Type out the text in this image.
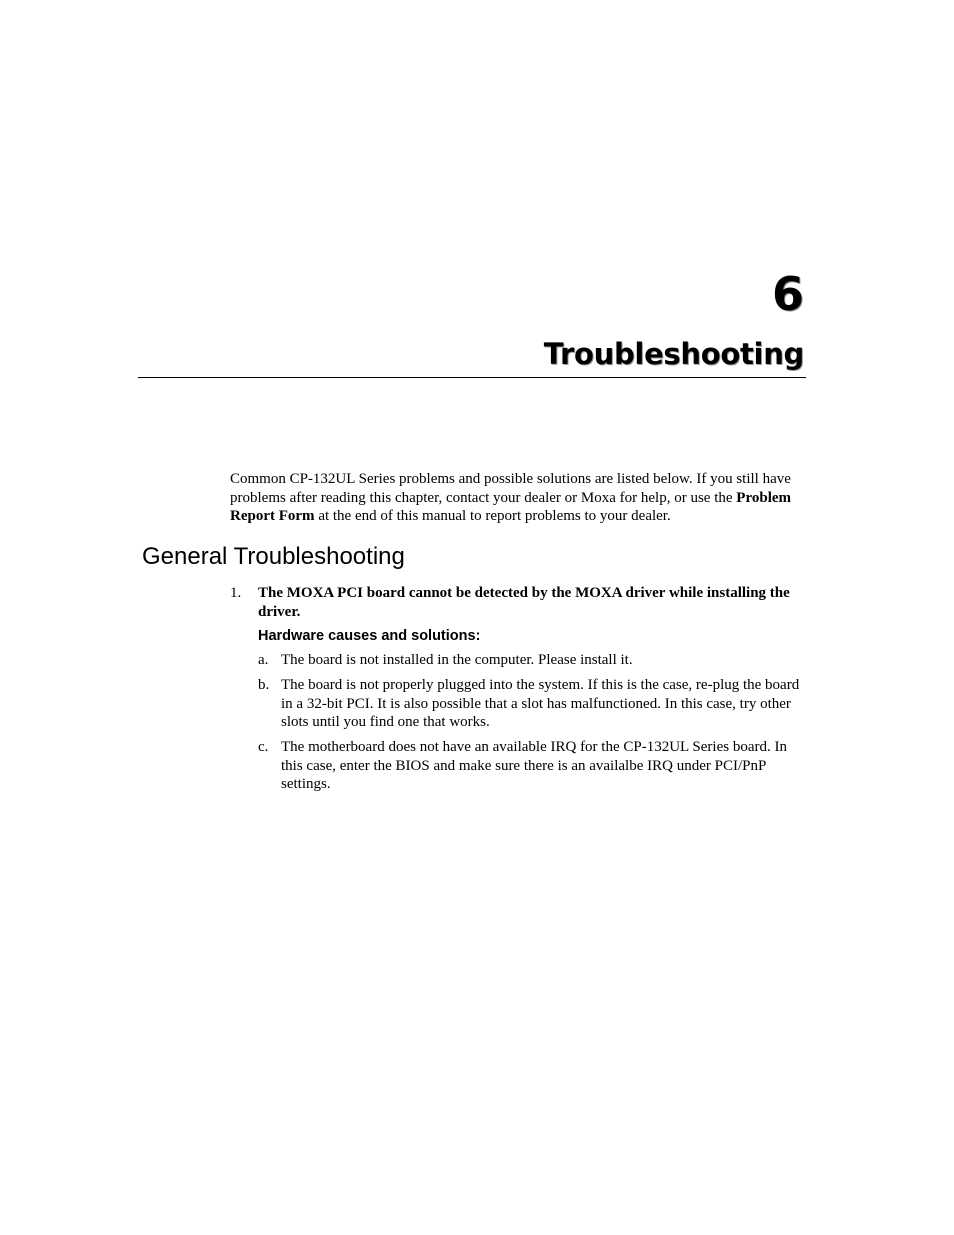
6
Troubleshooting

Common CP-132UL Series problems and possible solutions are listed below. If you still have problems after reading this chapter, contact your dealer or Moxa for help, or use the Problem Report Form at the end of this manual to report problems to your dealer.

General Troubleshooting
1. The MOXA PCI board cannot be detected by the MOXA driver while installing the driver.
Hardware causes and solutions:
a. The board is not installed in the computer. Please install it.
b. The board is not properly plugged into the system. If this is the case, re-plug the board in a 32-bit PCI. It is also possible that a slot has malfunctioned. In this case, try other slots until you find one that works.
c. The motherboard does not have an available IRQ for the CP-132UL Series board. In this case, enter the BIOS and make sure there is an availalbe IRQ under PCI/PnP settings.
